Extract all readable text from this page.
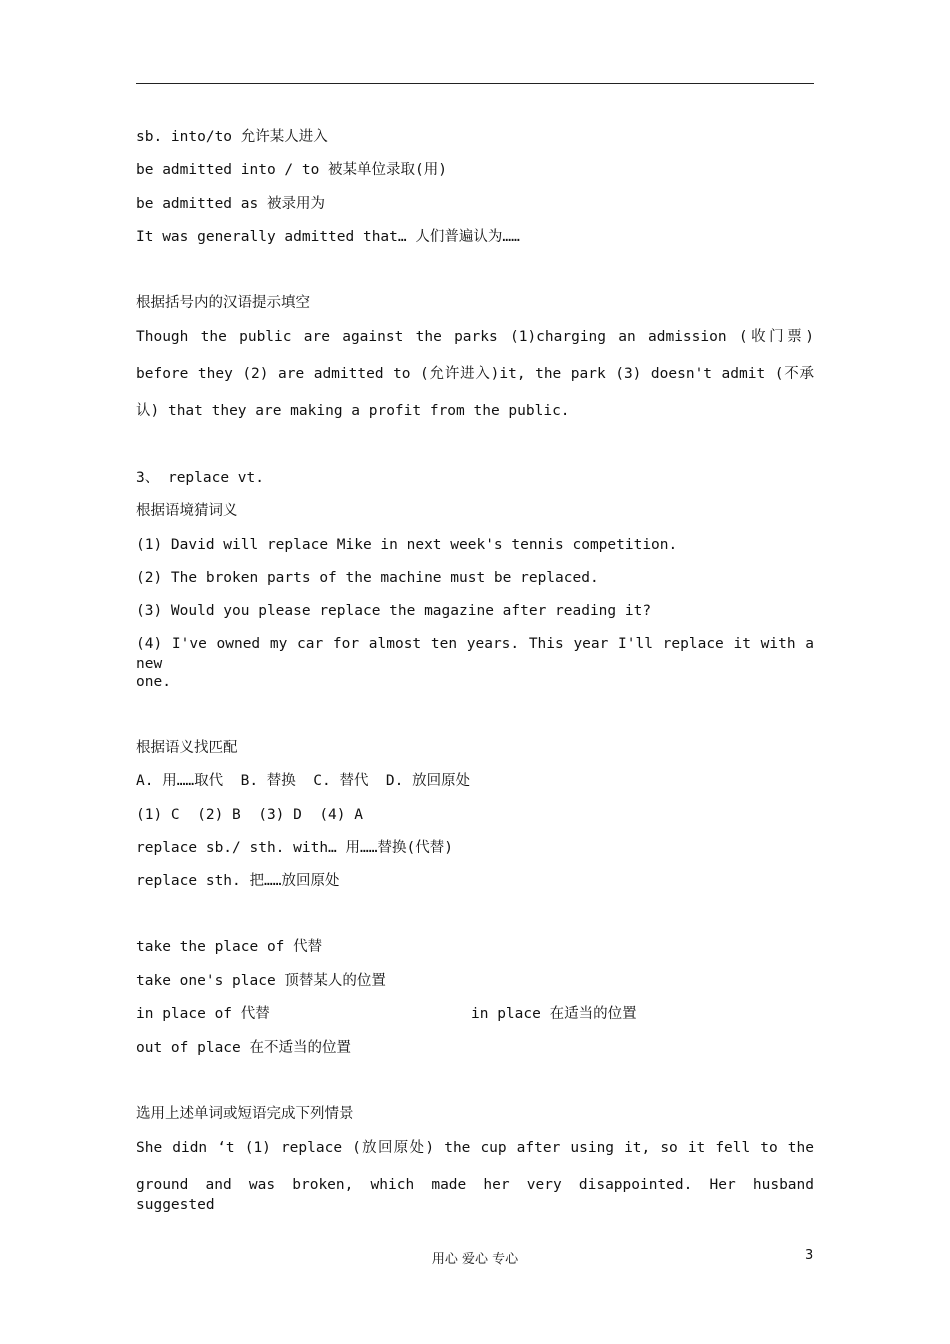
sb. into/to 允许某人进入
be admitted into / to 被某单位录取(用)
be admitted as 被录用为
It was generally admitted that… 人们普遍认为……
根据括号内的汉语提示填空
Though the public are against the parks (1)charging an admission (收门票)
before they (2) are admitted to (允许进入)it, the park (3) doesn't admit (不承
认) that they are making a profit from the public.
3、 replace vt.
根据语境猜词义
(1) David will replace Mike in next week's tennis competition.
(2) The broken parts of the machine must be replaced.
(3) Would you please replace the magazine after reading it?
(4) I've owned my car for almost ten years. This year I'll replace it with a new
one.
根据语义找匹配
A. 用……取代  B. 替换  C. 替代  D. 放回原处
(1) C  (2) B  (3) D  (4) A
replace sb./ sth. with… 用……替换(代替)
replace sth. 把……放回原处
take the place of 代替
take one's place 顶替某人的位置
in place of 代替	in place 在适当的位置
out of place 在不适当的位置
选用上述单词或短语完成下列情景
She didn ‘t (1) replace (放回原处) the cup after using it, so it fell to the
ground and was broken, which made her very disappointed. Her husband suggested
用心 爱心 专心	3
